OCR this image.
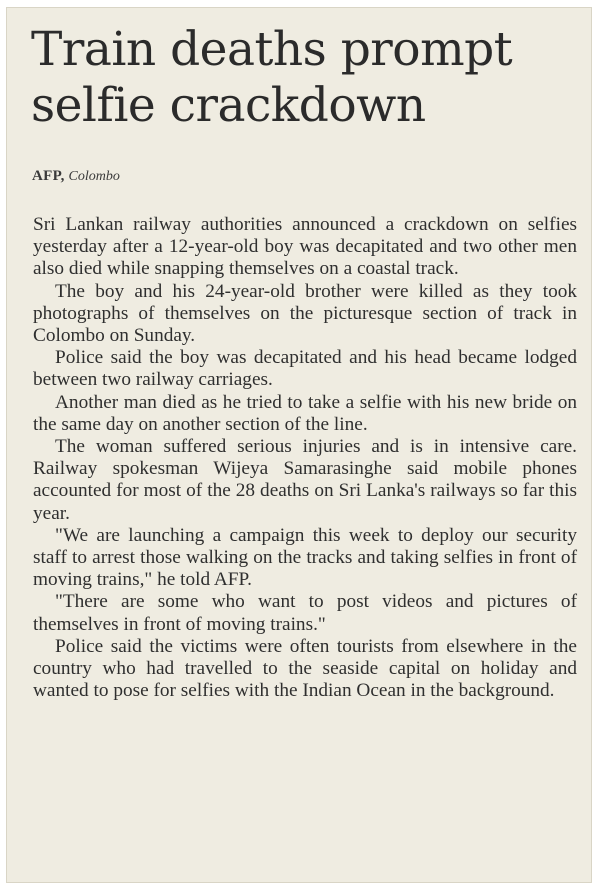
Train deaths prompt selfie crackdown
AFP, Colombo

Sri Lankan railway authorities announced a crackdown on selfies yesterday after a 12-year-old boy was decapitated and two other men also died while snapping themselves on a coastal track.

The boy and his 24-year-old brother were killed as they took photographs of themselves on the picturesque section of track in Colombo on Sunday.

Police said the boy was decapitated and his head became lodged between two railway carriages.

Another man died as he tried to take a selfie with his new bride on the same day on another section of the line.

The woman suffered serious injuries and is in intensive care. Railway spokesman Wijeya Samarasinghe said mobile phones accounted for most of the 28 deaths on Sri Lanka's railways so far this year.

"We are launching a campaign this week to deploy our security staff to arrest those walking on the tracks and taking selfies in front of moving trains," he told AFP.

"There are some who want to post videos and pictures of themselves in front of moving trains."

Police said the victims were often tourists from elsewhere in the country who had travelled to the seaside capital on holiday and wanted to pose for selfies with the Indian Ocean in the background.
